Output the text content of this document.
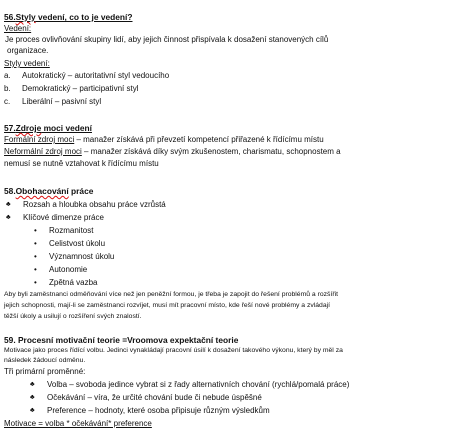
56.Styly vedení, co to je vedení?
Vedení:
Je proces ovlivňování skupiny lidí, aby jejich činnost přispívala k dosažení stanovených cílů
organizace.
Styly vedení:
a. Autokratický – autoritativní styl vedoucího
b. Demokratický – participativní styl
c. Liberální – pasivní styl
57.Zdroje moci vedení
Formální zdroj moci – manažer získává při převzetí kompetencí přiřazené k řídícímu místu
Neformální zdroj moci – manažer získává díky svým zkušenostem, charismatu, schopnostem a
nemusí se nutně vztahovat k řídícímu místu
58.Obohacování práce
♣ Rozsah a hloubka obsahu práce vzrůstá
♣ Klíčové dimenze práce
• Rozmanitost
• Celistvost úkolu
• Významnost úkolu
• Autonomie
• Zpětná vazba
Aby byli zaměstnanci odměňování více než jen peněžní formou, je třeba je zapojit do řešení problémů a rozšířit
jejich schopnosti, mají-li se zaměstnanci rozvíjet, musí mít pracovní místo, kde řeší nové problémy a zvládají
těžší úkoly a usilují o rozšíření svých znalostí.
59. Procesní motivační teorie =Vroomova expektační teorie
Motivace jako proces řídící volbu. Jedinci vynakládají pracovní úsilí k dosažení takového výkonu, který by měl za
následek žádoucí odměnu.
Tři primární proměnné:
♣ Volba – svoboda jedince vybrat si z řady alternativních chování (rychlá/pomalá práce)
♣ Očekávání – víra, že určité chování bude či nebude úspěšné
♣ Preference – hodnoty, které osoba připisuje různým výsledkům
Motivace = volba * očekávání* preference
